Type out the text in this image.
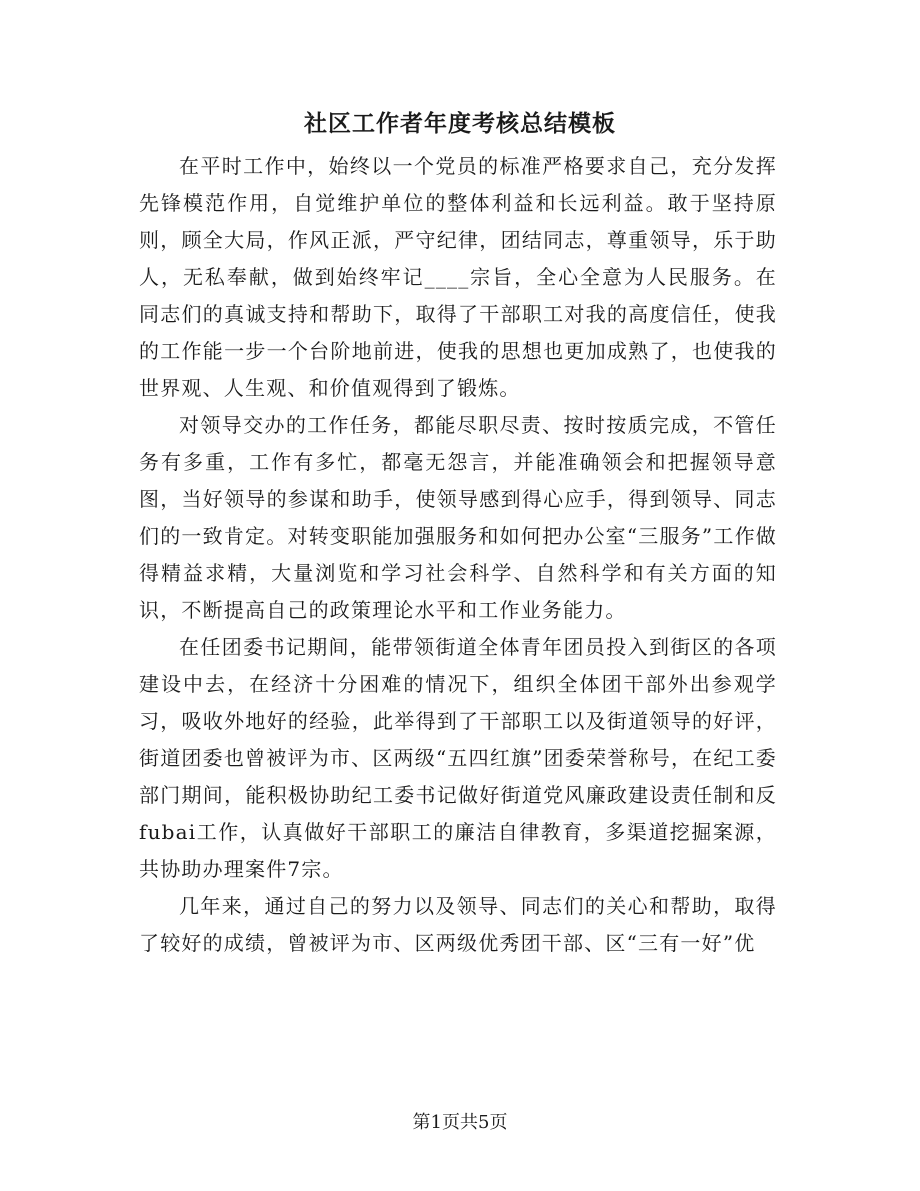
社区工作者年度考核总结模板

在平时工作中，始终以一个党员的标准严格要求自己，充分发挥先锋模范作用，自觉维护单位的整体利益和长远利益。敢于坚持原则，顾全大局，作风正派，严守纪律，团结同志，尊重领导，乐于助人，无私奉献，做到始终牢记____宗旨，全心全意为人民服务。在同志们的真诚支持和帮助下，取得了干部职工对我的高度信任，使我的工作能一步一个台阶地前进，使我的思想也更加成熟了，也使我的世界观、人生观、和价值观得到了锻炼。

对领导交办的工作任务，都能尽职尽责、按时按质完成，不管任务有多重，工作有多忙，都毫无怨言，并能准确领会和把握领导意图，当好领导的参谋和助手，使领导感到得心应手，得到领导、同志们的一致肯定。对转变职能加强服务和如何把办公室“三服务”工作做得精益求精，大量浏览和学习社会科学、自然科学和有关方面的知识，不断提高自己的政策理论水平和工作业务能力。

在任团委书记期间，能带领街道全体青年团员投入到街区的各项建设中去，在经济十分困难的情况下，组织全体团干部外出参观学习，吸收外地好的经验，此举得到了干部职工以及街道领导的好评，街道团委也曾被评为市、区两级“五四红旗”团委荣誉称号，在纪工委部门期间，能积极协助纪工委书记做好街道党风廉政建设责任制和反fubai工作，认真做好干部职工的廉洁自律教育，多渠道挖掘案源，共协助办理案件7宗。

几年来，通过自己的努力以及领导、同志们的关心和帮助，取得了较好的成绩，曾被评为市、区两级优秀团干部、区“三有一好”优

第1页共5页
